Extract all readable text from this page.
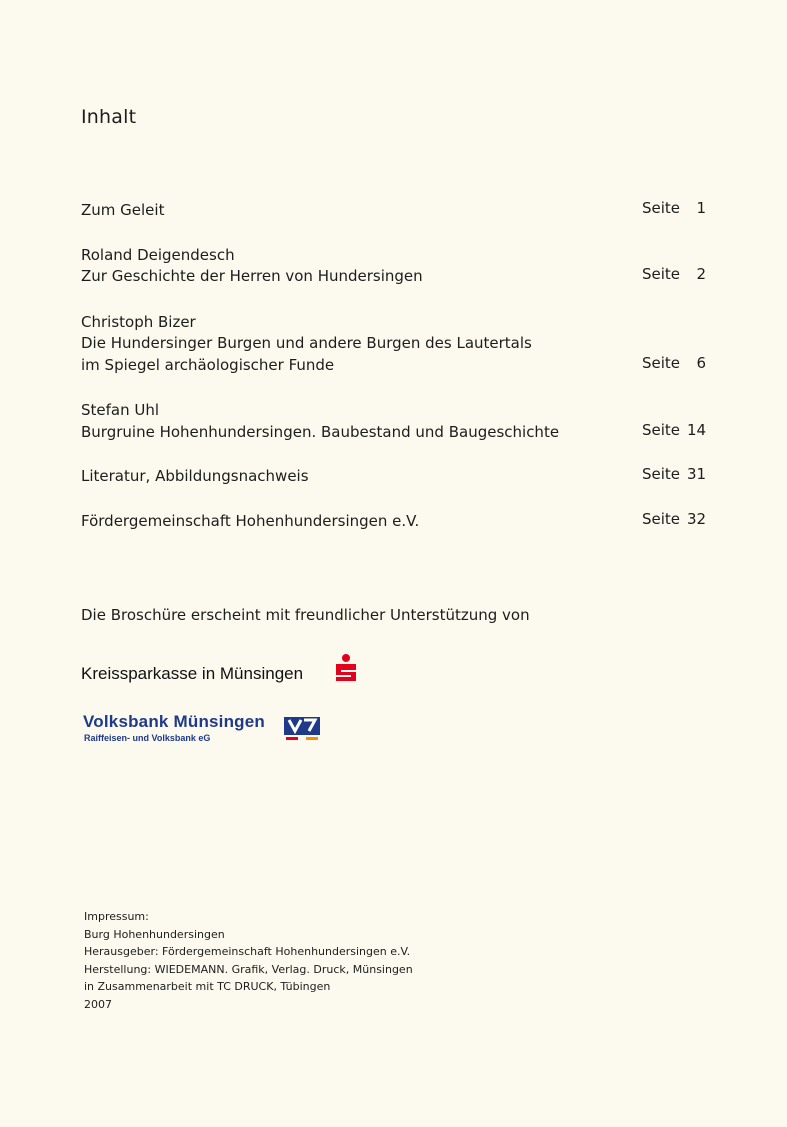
Inhalt
Zum Geleit	Seite 1
Roland Deigendesch
Zur Geschichte der Herren von Hundersingen	Seite 2
Christoph Bizer
Die Hundersinger Burgen und andere Burgen des Lautertals
im Spiegel archäologischer Funde	Seite 6
Stefan Uhl
Burgruine Hohenhundersingen. Baubestand und Baugeschichte	Seite 14
Literatur, Abbildungsnachweis	Seite 31
Fördergemeinschaft Hohenhundersingen e.V.	Seite 32
Die Broschüre erscheint mit freundlicher Unterstützung von
Kreissparkasse in Münsingen
Volksbank Münsingen
Raiffeisen- und Volksbank eG
Impressum:
Burg Hohenhundersingen
Herausgeber: Fördergemeinschaft Hohenhundersingen e.V.
Herstellung: WIEDEMANN. Grafik, Verlag. Druck, Münsingen
in Zusammenarbeit mit TC DRUCK, Tübingen
2007
